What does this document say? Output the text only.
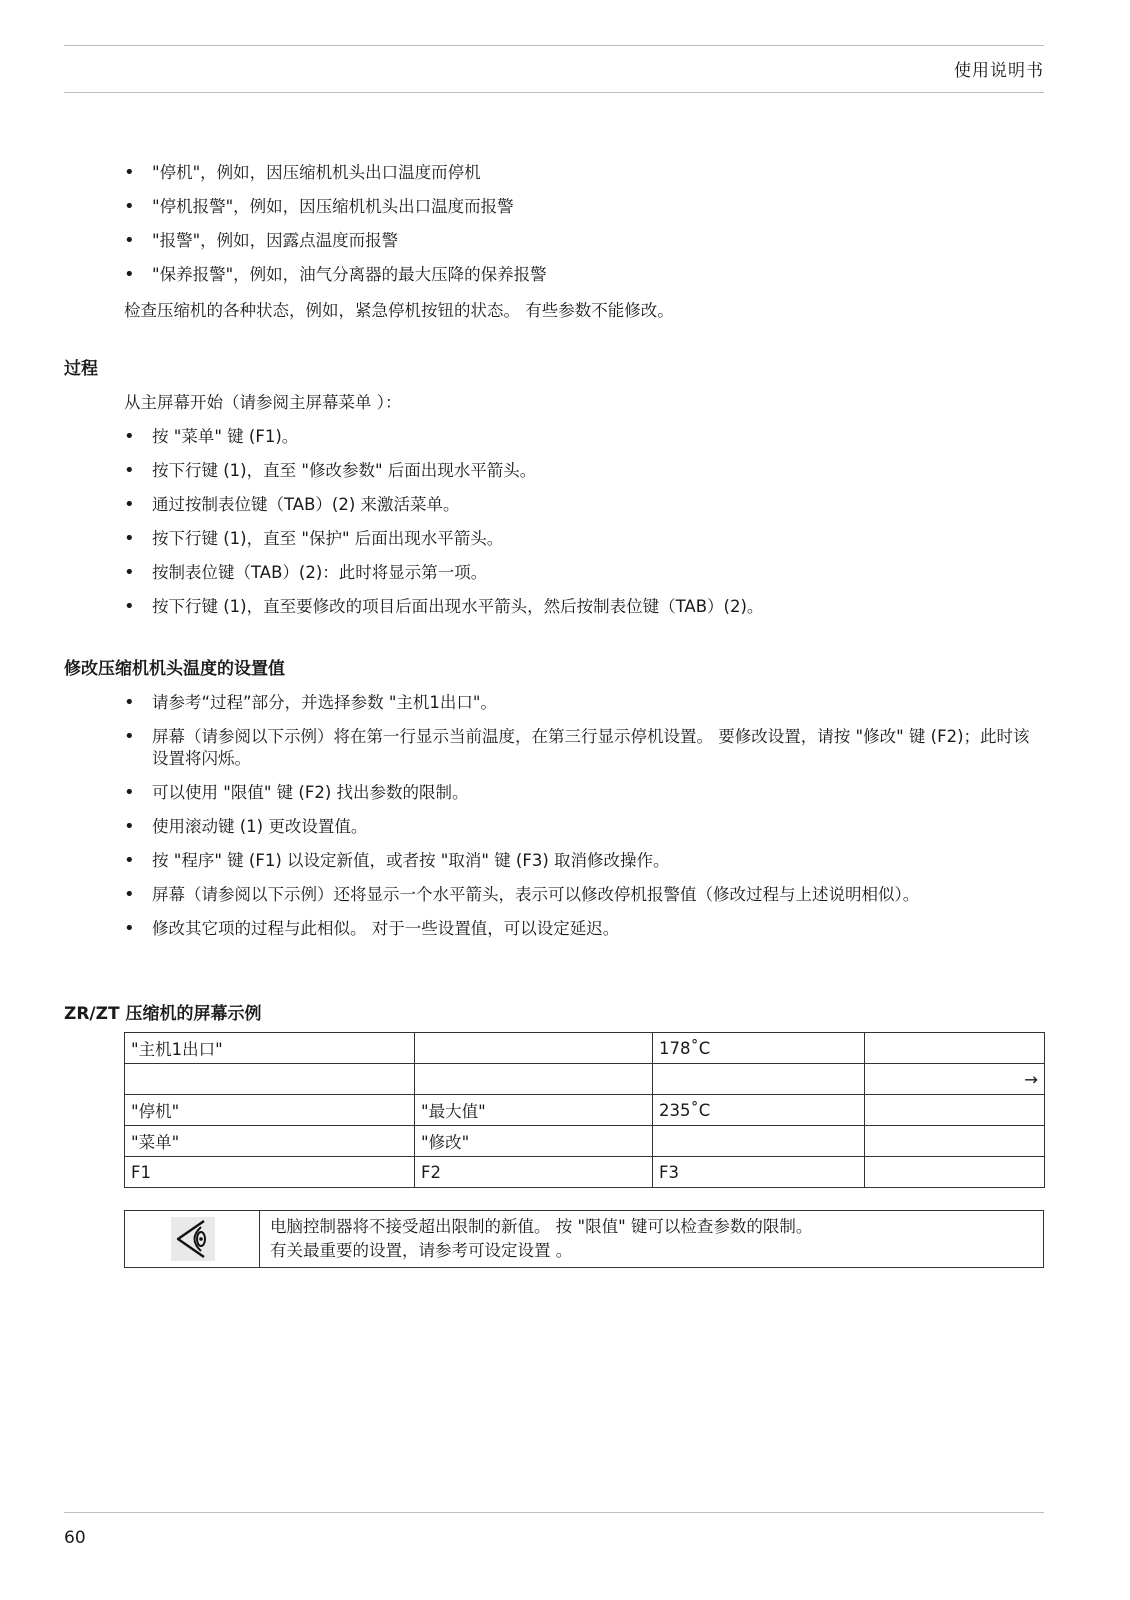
使用说明书
• "停机"，例如，因压缩机机头出口温度而停机
• "停机报警"，例如，因压缩机机头出口温度而报警
• "报警"，例如，因露点温度而报警
• "保养报警"，例如，油气分离器的最大压降的保养报警
检查压缩机的各种状态，例如，紧急停机按钮的状态。 有些参数不能修改。
过程
从主屏幕开始（请参阅主屏幕菜单 ）：
• 按 "菜单" 键 (F1)。
• 按下行键 (1)，直至 "修改参数" 后面出现水平箭头。
• 通过按制表位键（TAB）(2) 来激活菜单。
• 按下行键 (1)，直至 "保护" 后面出现水平箭头。
• 按制表位键（TAB）(2)：此时将显示第一项。
• 按下行键 (1)，直至要修改的项目后面出现水平箭头，然后按制表位键（TAB）(2)。
修改压缩机机头温度的设置值
• 请参考“过程”部分，并选择参数 "主机1出口"。
• 屏幕（请参阅以下示例）将在第一行显示当前温度，在第三行显示停机设置。 要修改设置，请按 "修改" 键 (F2)；此时该设置将闪烁。
• 可以使用 "限值" 键 (F2) 找出参数的限制。
• 使用滚动键 (1) 更改设置值。
• 按 "程序" 键 (F1) 以设定新值，或者按 "取消" 键 (F3) 取消修改操作。
• 屏幕（请参阅以下示例）还将显示一个水平箭头，表示可以修改停机报警值（修改过程与上述说明相似）。
• 修改其它项的过程与此相似。 对于一些设置值，可以设定延迟。
ZR/ZT 压缩机的屏幕示例
"主机1出口"		178˚C	
			→
"停机"	"最大值"	235˚C	
"菜单"	"修改"		
F1	F2	F3	
电脑控制器将不接受超出限制的新值。 按 "限值" 键可以检查参数的限制。
有关最重要的设置，请参考可设定设置 。
60
